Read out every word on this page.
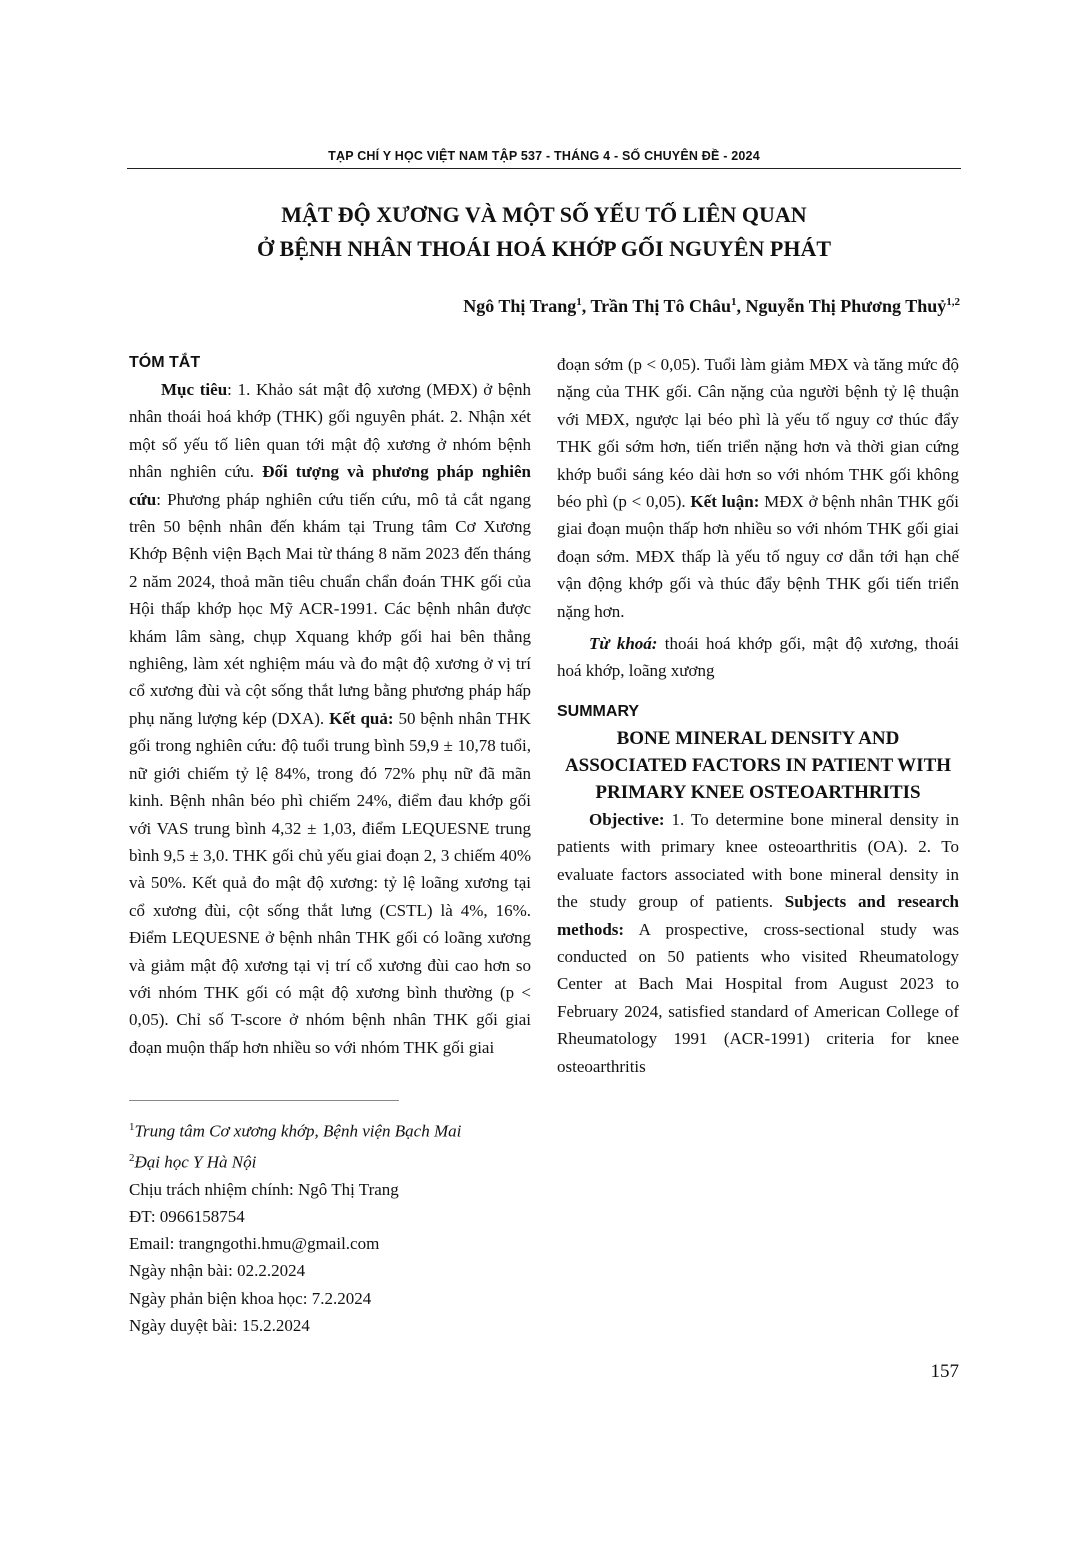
TẠP CHÍ Y HỌC VIỆT NAM TẬP 537 - THÁNG 4 - SỐ CHUYÊN ĐỀ - 2024
MẬT ĐỘ XƯƠNG VÀ MỘT SỐ YẾU TỐ LIÊN QUAN
Ở BỆNH NHÂN THOÁI HOÁ KHỚP GỐI NGUYÊN PHÁT
Ngô Thị Trang$^1$, Trần Thị Tô Châu$^1$, Nguyễn Thị Phương Thuỷ$^{1,2}$
TÓM TẮT

Mục tiêu: 1. Khảo sát mật độ xương (MĐX) ở bệnh nhân thoái hoá khớp (THK) gối nguyên phát. 2. Nhận xét một số yếu tố liên quan tới mật độ xương ở nhóm bệnh nhân nghiên cứu. Đối tượng và phương pháp nghiên cứu: Phương pháp nghiên cứu tiến cứu, mô tả cắt ngang trên 50 bệnh nhân đến khám tại Trung tâm Cơ Xương Khớp Bệnh viện Bạch Mai từ tháng 8 năm 2023 đến tháng 2 năm 2024, thoả mãn tiêu chuẩn chẩn đoán THK gối của Hội thấp khớp học Mỹ ACR-1991. Các bệnh nhân được khám lâm sàng, chụp Xquang khớp gối hai bên thẳng nghiêng, làm xét nghiệm máu và đo mật độ xương ở vị trí cổ xương đùi và cột sống thắt lưng bằng phương pháp hấp phụ năng lượng kép (DXA). Kết quả: 50 bệnh nhân THK gối trong nghiên cứu: độ tuổi trung bình 59,9 ± 10,78 tuổi, nữ giới chiếm tỷ lệ 84%, trong đó 72% phụ nữ đã mãn kinh. Bệnh nhân béo phì chiếm 24%, điểm đau khớp gối với VAS trung bình 4,32 ± 1,03, điểm LEQUESNE trung bình 9,5 ± 3,0. THK gối chủ yếu giai đoạn 2, 3 chiếm 40% và 50%. Kết quả đo mật độ xương: tỷ lệ loãng xương tại cổ xương đùi, cột sống thắt lưng (CSTL) là 4%, 16%. Điểm LEQUESNE ở bệnh nhân THK gối có loãng xương và giảm mật độ xương tại vị trí cổ xương đùi cao hơn so với nhóm THK gối có mật độ xương bình thường (p < 0,05). Chỉ số T-score ở nhóm bệnh nhân THK gối giai đoạn muộn thấp hơn nhiều so với nhóm THK gối giai

đoạn sớm (p < 0,05). Tuổi làm giảm MĐX và tăng mức độ nặng của THK gối. Cân nặng của người bệnh tỷ lệ thuận với MĐX, ngược lại béo phì là yếu tố nguy cơ thúc đẩy THK gối sớm hơn, tiến triển nặng hơn và thời gian cứng khớp buổi sáng kéo dài hơn so với nhóm THK gối không béo phì (p < 0,05). Kết luận: MĐX ở bệnh nhân THK gối giai đoạn muộn thấp hơn nhiều so với nhóm THK gối giai đoạn sớm. MĐX thấp là yếu tố nguy cơ dẫn tới hạn chế vận động khớp gối và thúc đẩy bệnh THK gối tiến triển nặng hơn.

Từ khoá: thoái hoá khớp gối, mật độ xương, thoái hoá khớp, loãng xương

SUMMARY
BONE MINERAL DENSITY AND ASSOCIATED FACTORS IN PATIENT WITH PRIMARY KNEE OSTEOARTHRITIS

Objective: 1. To determine bone mineral density in patients with primary knee osteoarthritis (OA). 2. To evaluate factors associated with bone mineral density in the study group of patients. Subjects and research methods: A prospective, cross-sectional study was conducted on 50 patients who visited Rheumatology Center at Bach Mai Hospital from August 2023 to February 2024, satisfied standard of American College of Rheumatology 1991 (ACR-1991) criteria for knee osteoarthritis

$^1$Trung tâm Cơ xương khớp, Bệnh viện Bạch Mai
$^2$Đại học Y Hà Nội
Chịu trách nhiệm chính: Ngô Thị Trang
ĐT: 0966158754
Email: trangngothi.hmu@gmail.com
Ngày nhận bài: 02.2.2024
Ngày phản biện khoa học: 7.2.2024
Ngày duyệt bài: 15.2.2024
157
